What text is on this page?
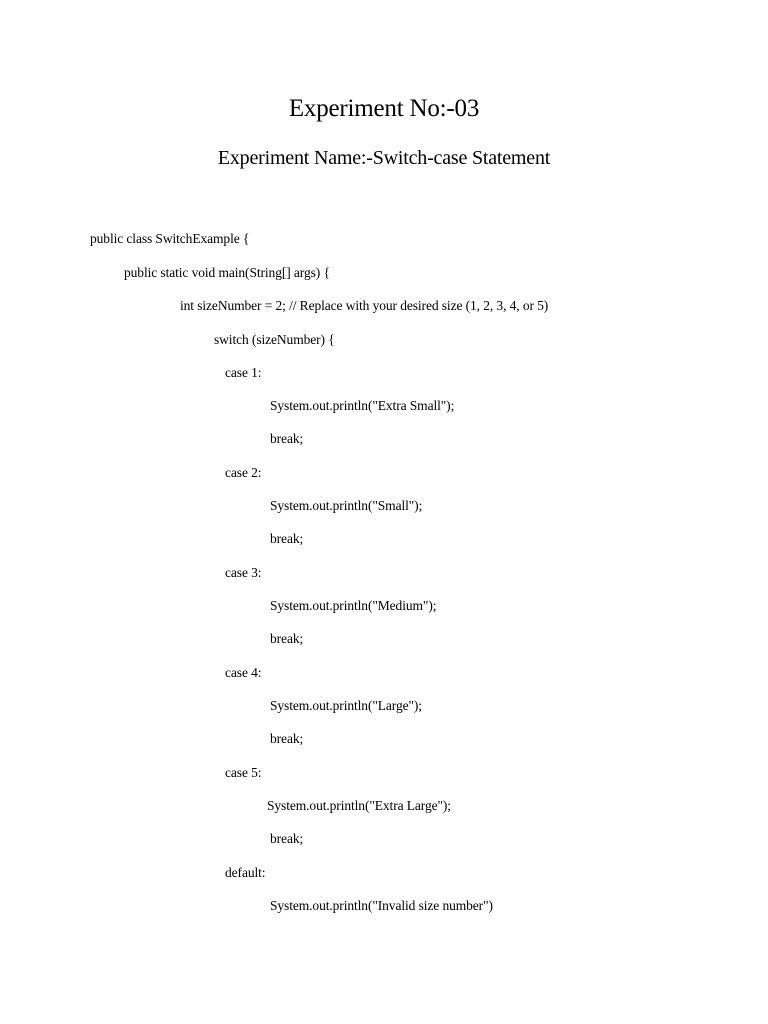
Experiment No:-03
Experiment Name:-Switch-case Statement
public class SwitchExample {
public static void main(String[] args) {
int sizeNumber = 2; // Replace with your desired size (1, 2, 3, 4, or 5)
switch (sizeNumber) {
case 1:
System.out.println("Extra Small");
break;
case 2:
System.out.println("Small");
break;
case 3:
System.out.println("Medium");
break;
case 4:
System.out.println("Large");
break;
case 5:
System.out.println("Extra Large");
break;
default:
System.out.println("Invalid size number")
